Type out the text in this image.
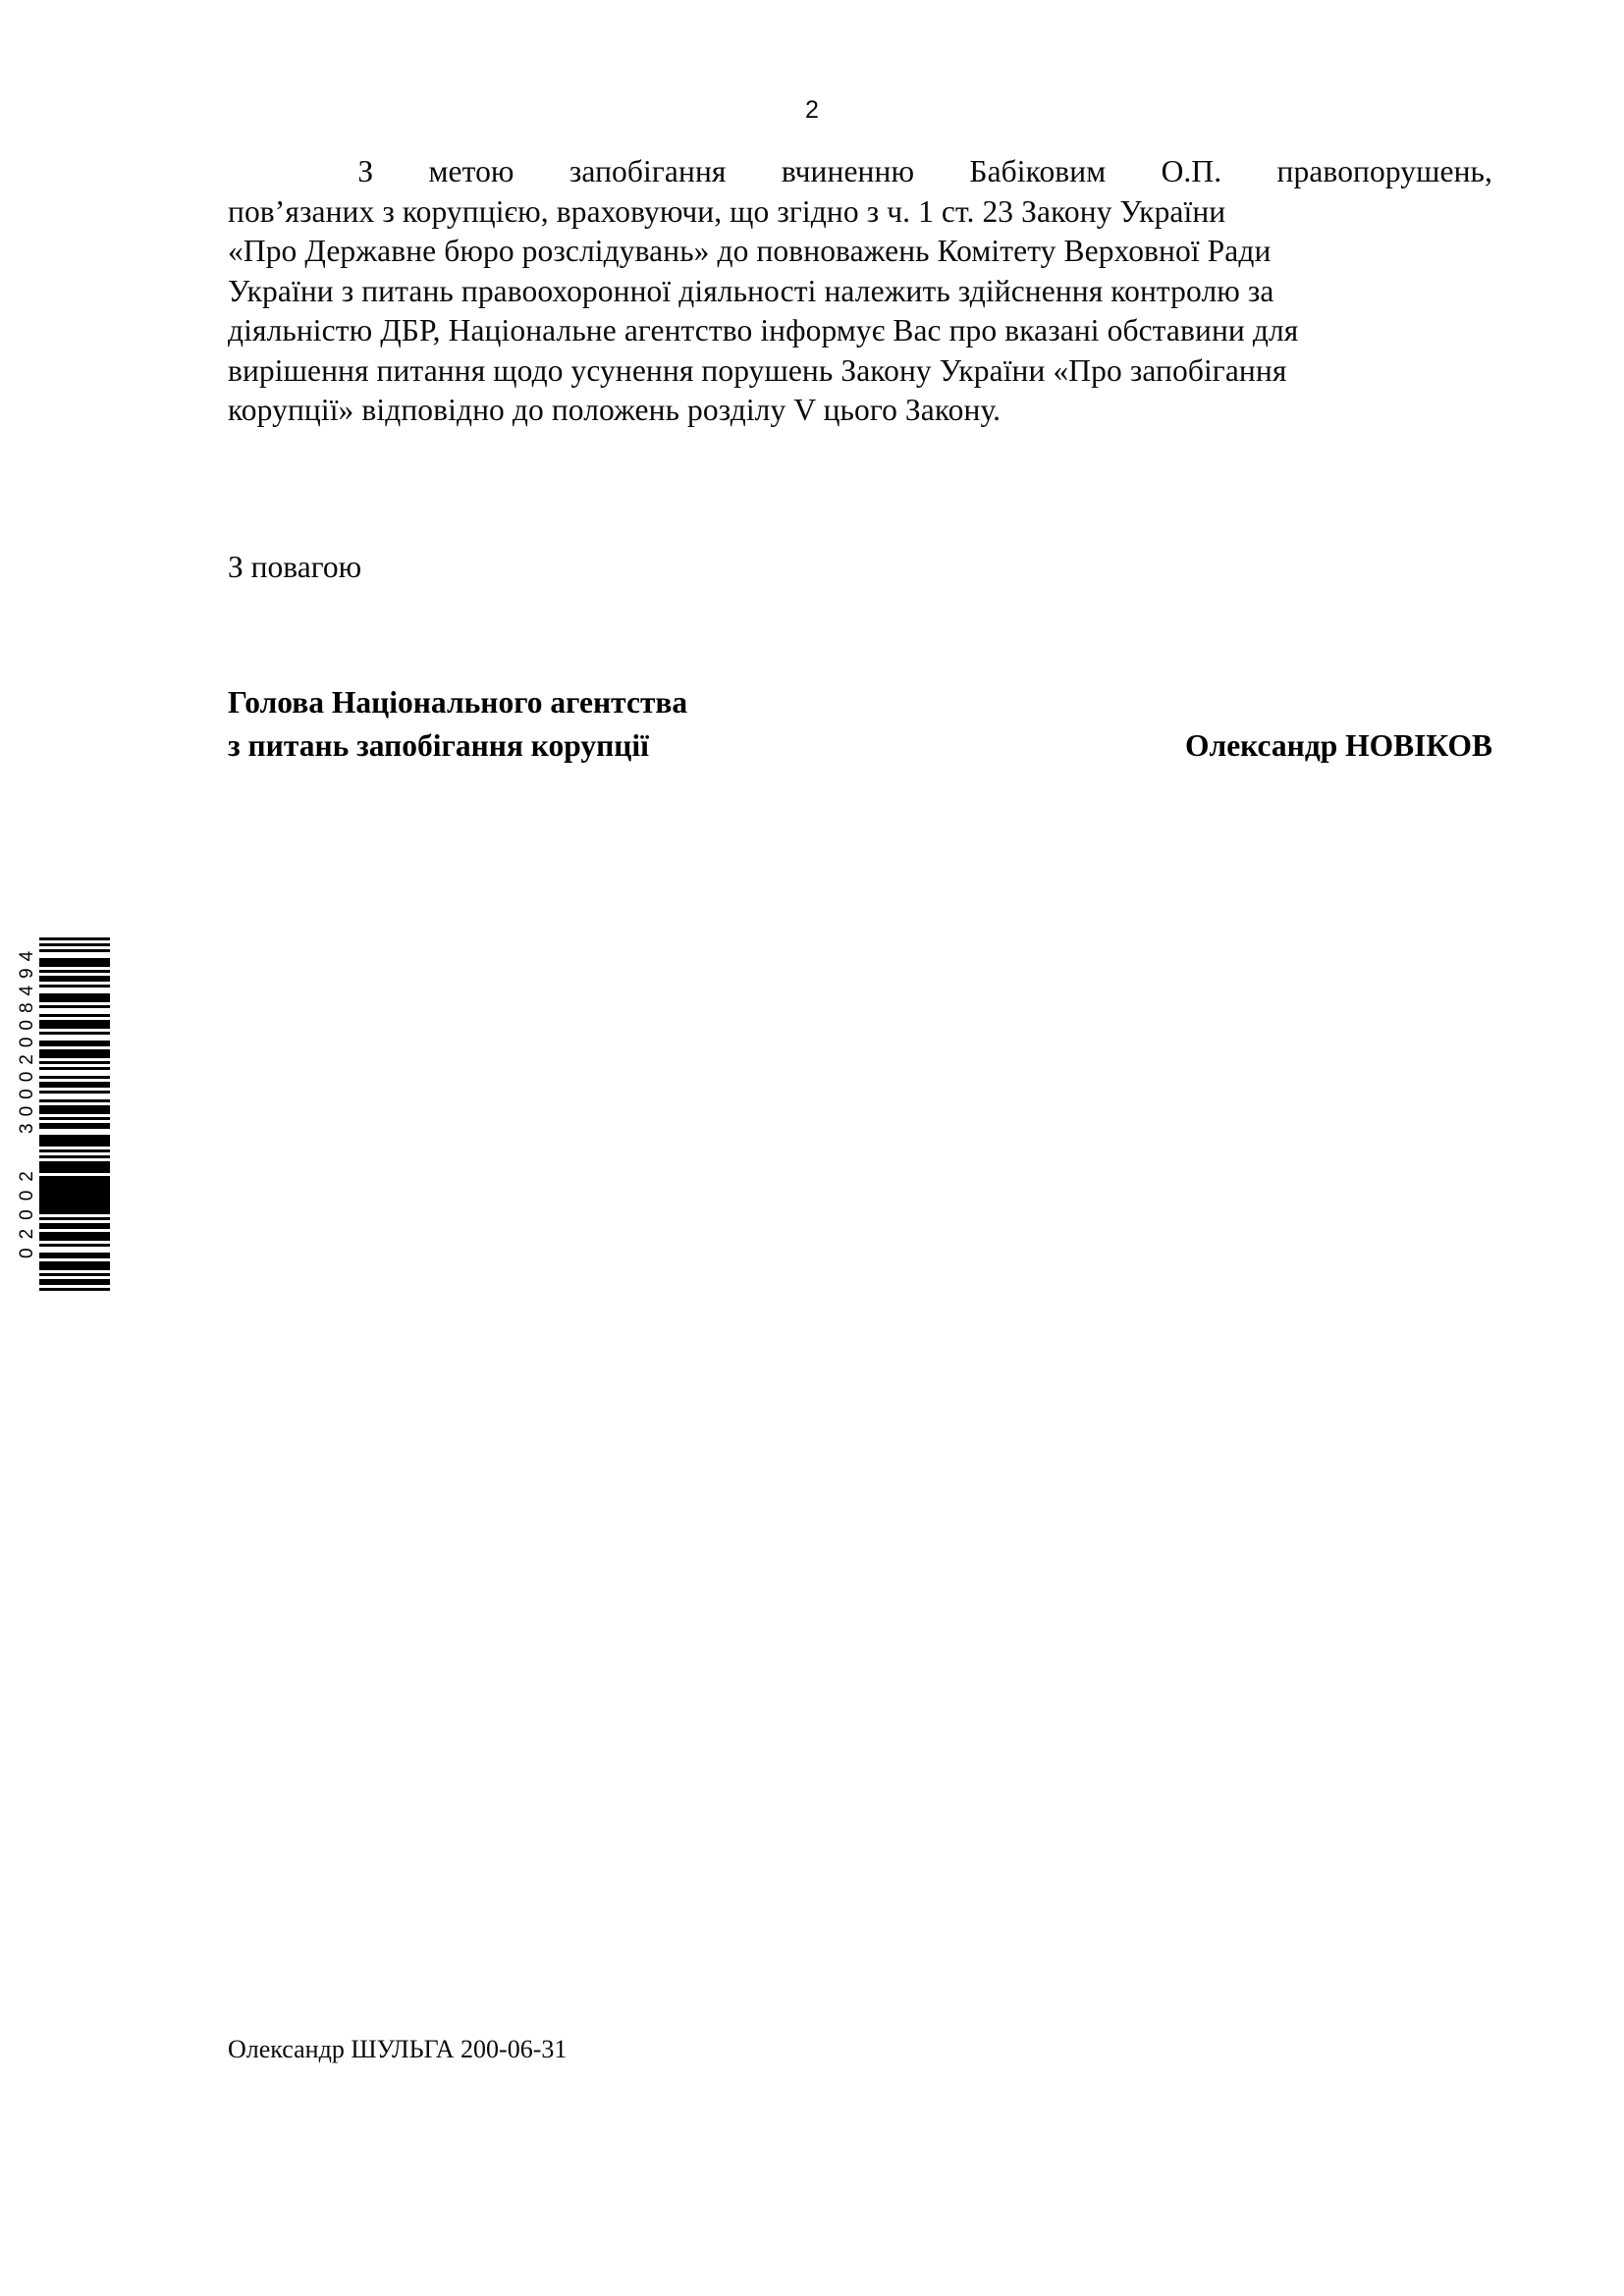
2

З метою запобігання вчиненню Бабіковим О.П. правопорушень,
пов’язаних з корупцією, враховуючи, що згідно з ч. 1 ст. 23 Закону України
«Про Державне бюро розслідувань» до повноважень Комітету Верховної Ради
України з питань правоохоронної діяльності належить здійснення контролю за
діяльністю ДБР, Національне агентство інформує Вас про вказані обставини для
вирішення питання щодо усунення порушень Закону України «Про запобігання
корупції» відповідно до положень розділу V цього Закону.

З повагою
Голова Національного агентства
з питань запобігання корупції	Олександр НОВІКОВ
30002008494
02002
Олександр ШУЛЬГА 200-06-31
